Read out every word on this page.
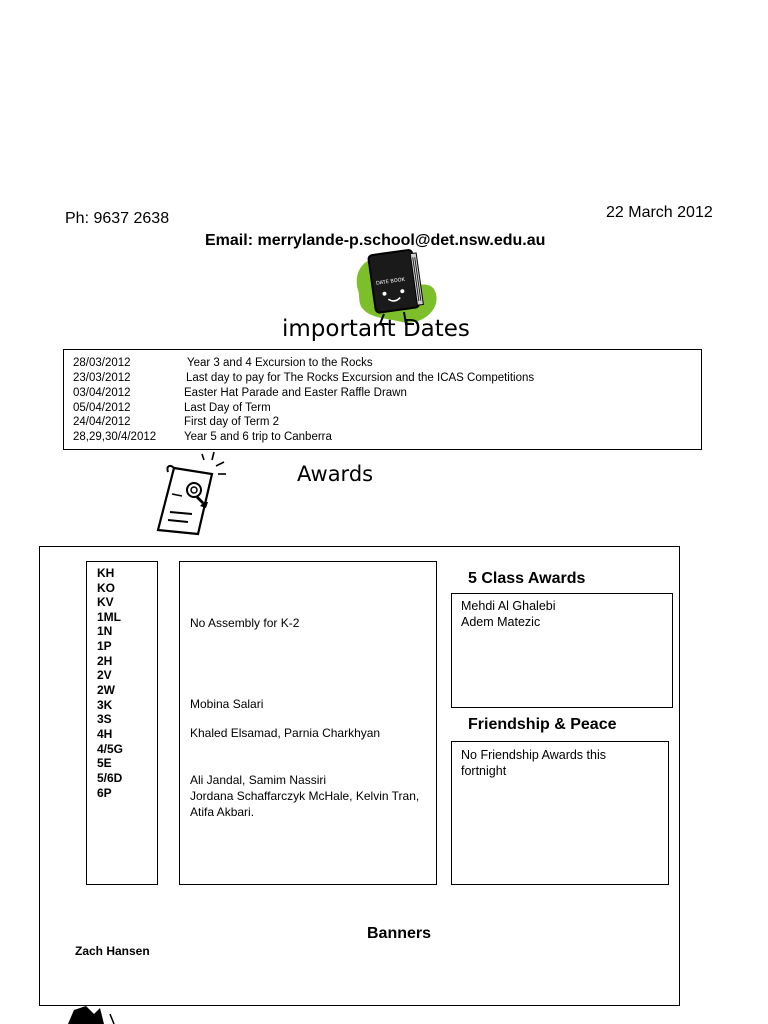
Ph: 9637 2638	22 March 2012
Email: merrylande-p.school@det.nsw.edu.au
DATE BOOK
important Dates
28/03/2012	Year 3 and 4 Excursion to the Rocks
23/03/2012	Last day to pay for The Rocks Excursion and the ICAS Competitions
03/04/2012	Easter Hat Parade and Easter Raffle Drawn
05/04/2012	Last Day of Term
24/04/2012	First day of Term 2
28,29,30/4/2012 Year 5 and 6 trip to Canberra
Awards
KH
KO
KV
1ML
1N
1P
2H
2V
2W
3K
3S
4H
4/5G
5E
5/6D
6P
No Assembly for K-2
Mobina Salari
Khaled Elsamad, Parnia Charkhyan
Ali Jandal, Samim Nassiri
Jordana Schaffarczyk McHale, Kelvin Tran, Atifa Akbari.
5 Class Awards
Mehdi Al Ghalebi
Adem Matezic
Friendship & Peace
No Friendship Awards this fortnight
Banners
Zach Hansen
